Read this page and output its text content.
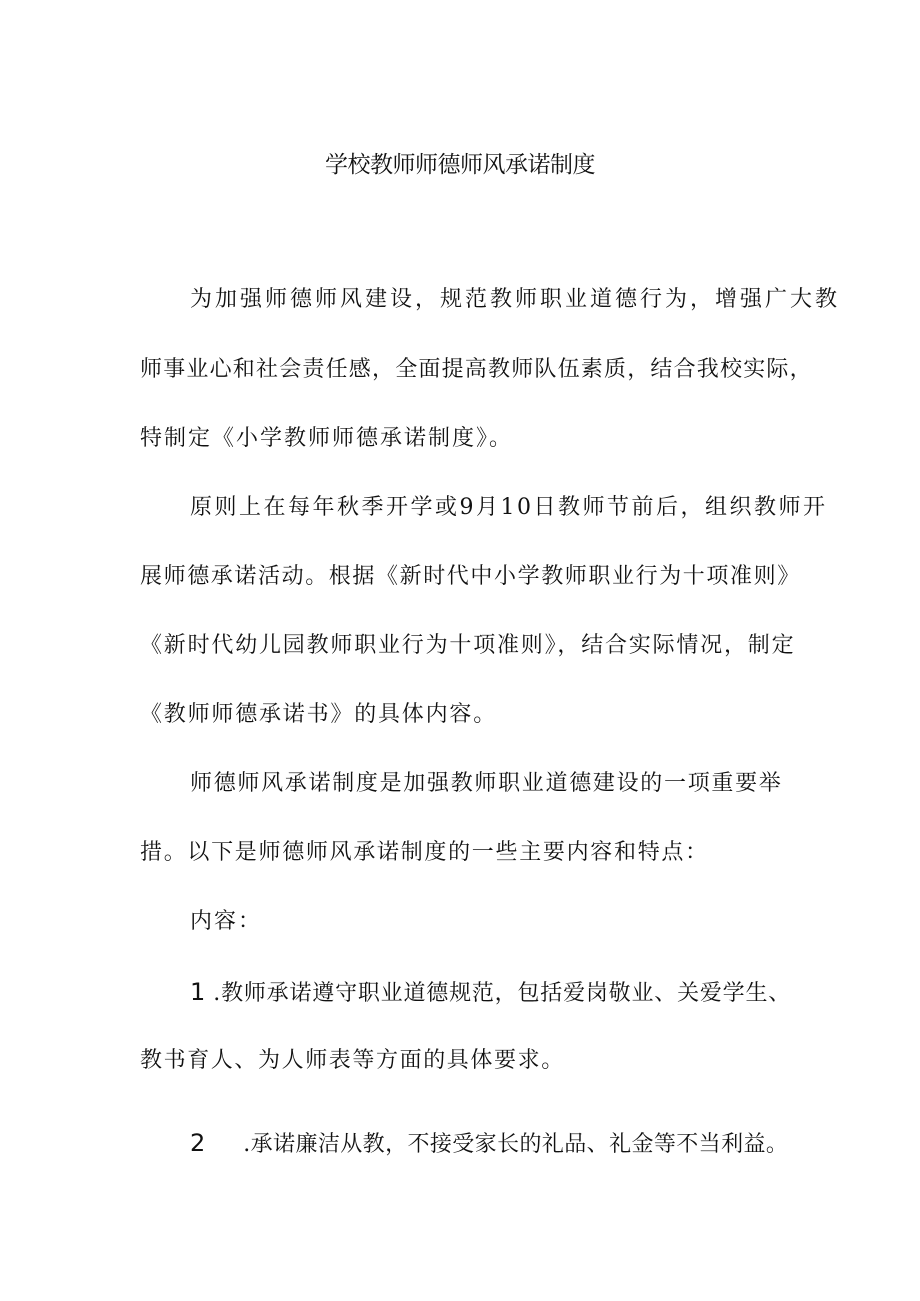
学校教师师德师风承诺制度
为加强师德师风建设，规范教师职业道德行为，增强广大教
师事业心和社会责任感，全面提高教师队伍素质，结合我校实际，
特制定《小学教师师德承诺制度》。
原则上在每年秋季开学或9月10日教师节前后，组织教师开
展师德承诺活动。根据《新时代中小学教师职业行为十项准则》
《新时代幼儿园教师职业行为十项准则》，结合实际情况，制定
《教师师德承诺书》的具体内容。
师德师风承诺制度是加强教师职业道德建设的一项重要举
措。以下是师德师风承诺制度的一些主要内容和特点：
内容：
1 .教师承诺遵守职业道德规范，包括爱岗敬业、关爱学生、
教书育人、为人师表等方面的具体要求。
2 .承诺廉洁从教，不接受家长的礼品、礼金等不当利益。
